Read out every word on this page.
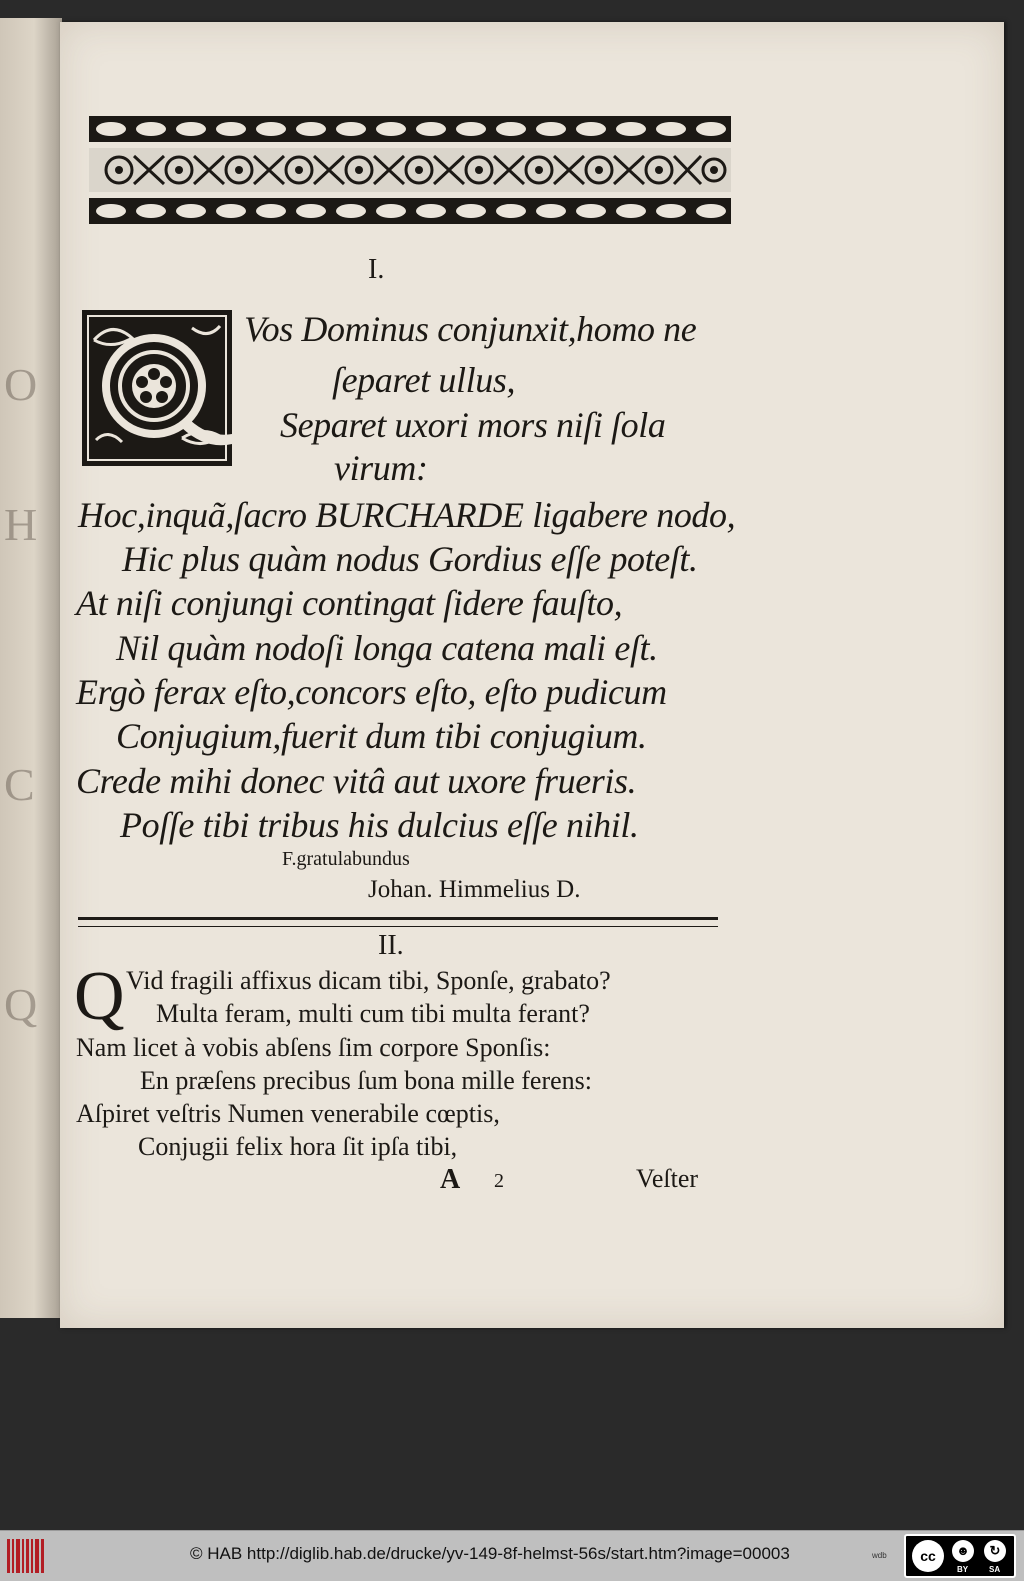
O
H
C
Q
I.
Vos Dominus conjunxit,homo ne
ſeparet ullus,
Separet uxori mors niſi ſola
virum:
Hoc,inquã,ſacro BURCHARDE ligabere nodo,
Hic plus quàm nodus Gordius eſſe poteſt.
At niſi conjungi contingat ſidere fauſto,
Nil quàm nodoſi longa catena mali eſt.
Ergò ferax eſto,concors eſto, eſto pudicum
Conjugium,fuerit dum tibi conjugium.
Crede mihi donec vitâ aut uxore frueris.
Poſſe tibi tribus his dulcius eſſe nihil.
F.gratulabundus
Johan. Himmelius D.
II.
Q Vid fragili affixus dicam tibi, Sponſe, grabato?
Multa feram, multi cum tibi multa ferant?
Nam licet à vobis abſens ſim corpore Sponſis:
En præſens precibus ſum bona mille ferens:
Aſpiret veſtris Numen venerabile cœptis,
Conjugii felix hora ſit ipſa tibi,
A 2	Veſter
© HAB http://diglib.hab.de/drucke/yv-149-8f-helmst-56s/start.htm?image=00003	wdb	cc	☻	↻
BY	SA
